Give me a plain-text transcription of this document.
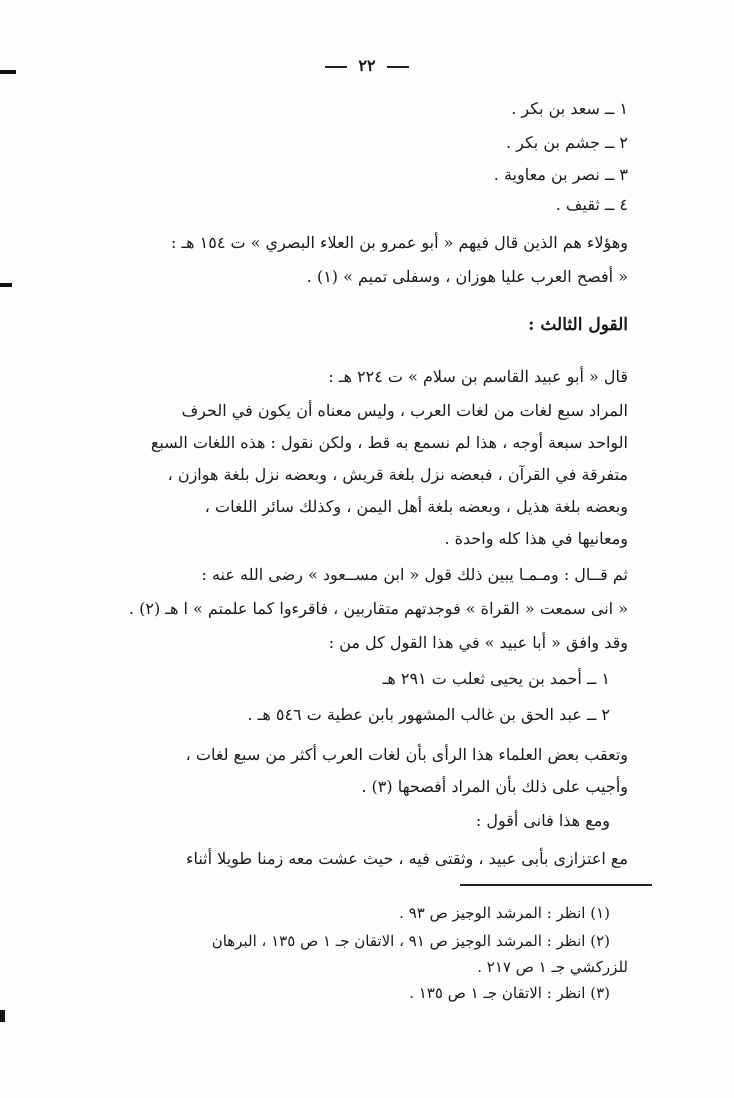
٢٢
١ ــ سعد بن بكر .
٢ ــ جشم بن بكر .
٣ ــ نصر بن معاوية .
٤ ــ ثقيف .
وهؤلاء هم الذين قال فيهم « أبو عمرو بن العلاء البصري » ت ١٥٤ هـ :
« أفصح العرب عليا هوزان ، وسفلى تميم » (١) .
القول الثالث :
قال « أبو عبيد القاسم بن سلام » ت ٢٢٤ هـ :
المراد سبع لغات من لغات العرب ، وليس معناه أن يكون في الحرف
الواحد سبعة أوجه ، هذا لم نسمع به قط ، ولكن نقول : هذه اللغات السبع
متفرقة في القرآن ، فبعضه نزل بلغة قريش ، وبعضه نزل بلغة هوازن ،
وبعضه بلغة هذيل ، وبعضه بلغة أهل اليمن ، وكذلك سائر اللغات ،
ومعانيها في هذا كله واحدة .
ثم قــال : ومـمـا يبين ذلك قول « ابن مســعود » رضى الله عنه :
« انى سمعت « القراة » فوجدتهم متقاربين ، فاقرءوا كما علمتم » ا هـ (٢) .
وقد وافق « أبا عبيد » في هذا القول كل من :
١ ــ أحمد بن يحيى ثعلب ت ٢٩١ هـ
٢ ــ عبد الحق بن غالب المشهور بابن عطية ت ٥٤٦ هـ .
وتعقب بعض العلماء هذا الرأى بأن لغات العرب أكثر من سبع لغات ،
وأجيب على ذلك بأن المراد أفصحها (٣) .
ومع هذا فانى أقول :
مع اعتزازى بأبى عبيد ، وثقتى فيه ، حيث عشت معه زمنا طويلا أثناء
(١) انظر : المرشد الوجيز ص ٩٣ .
(٢) انظر : المرشد الوجيز ص ٩١ ، الاتقان جـ ١ ص ١٣٥ ، البرهان
للزركشي جـ ١ ص ٢١٧ .
(٣) انظر : الاتقان جـ ١ ص ١٣٥ .
